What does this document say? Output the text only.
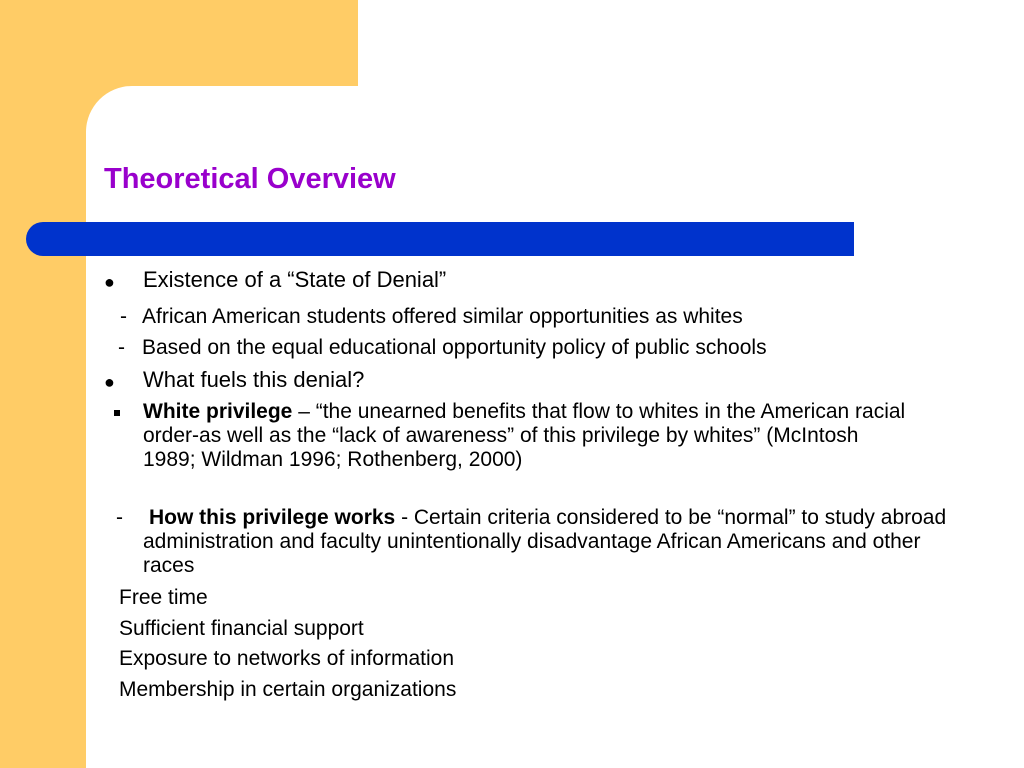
Theoretical Overview
● Existence of a “State of Denial”
- African American students offered similar opportunities as whites
- Based on the equal educational opportunity policy of public schools
● What fuels this denial?
White privilege – “the unearned benefits that flow to whites in the American racial order-as well as the “lack of awareness” of this privilege by whites” (McIntosh 1989; Wildman 1996; Rothenberg, 2000)
- How this privilege works - Certain criteria considered to be “normal” to study abroad administration and faculty unintentionally disadvantage African Americans and other races
Free time
Sufficient financial support
Exposure to networks of information
Membership in certain organizations
